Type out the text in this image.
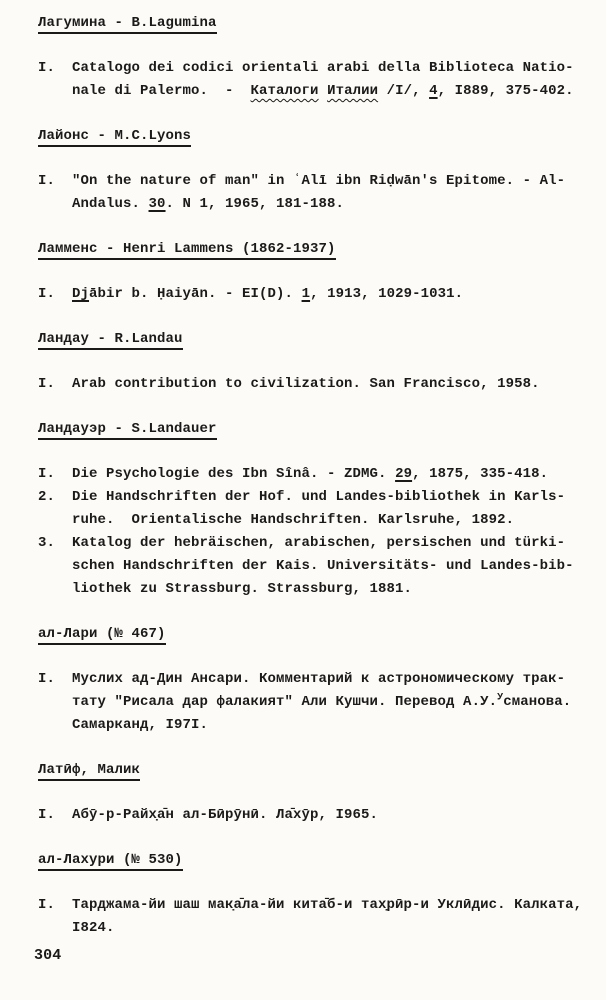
Лагумина - B.Lagumina
I.	Catalogo dei codici orientali arabi della Biblioteca Natio-
nale di Palermo.  -  Каталоги Италии /I/, 4, I889, 375-402.
Лайонс - M.C.Lyons
I.	"On the nature of man" in ʿAlī ibn Riḍwān's Epitome. - Al-
Andalus. 30. N 1, 1965, 181-188.
Ламменс - Henri Lammens (1862-1937)
I.	Djābir b. Ḥaiyān. - EI(D). 1, 1913, 1029-1031.
Ландау - R.Landau
I.	Arab contribution to civilization. San Francisco, 1958.
Ландауэр - S.Landauer
I.	Die Psychologie des Ibn Sînâ. - ZDMG. 29, 1875, 335-418.
2.	Die Handschriften der Hof. und Landes-bibliothek in Karls-
ruhe.  Orientalische Handschriften. Karlsruhe, 1892.
3.	Katalog der hebräischen, arabischen, persischen und türki-
schen Handschriften der Kais. Universitäts- und Landes-bib-
liothek zu Strassburg. Strassburg, 1881.
ал-Лари (№ 467)
I.	Муслих ад-Дин Ансари. Комментарий к астрономическому трак-
тату "Рисала дар фалакият" Али Кушчи. Перевод А.У.$^У$сманова.
Самарканд, I97I.
Латӣф, Малик
I.	Абӯ-р-Райх̣а̄н ал-Бӣрӯнӣ. Ла̄хӯр, I965.
ал-Лахури (№ 530)
I.	Тарджама-йи шаш мак̣а̄ла-йи кита̄б-и тах̣рӣр-и Уклӣдис. Калката,
I824.
304
